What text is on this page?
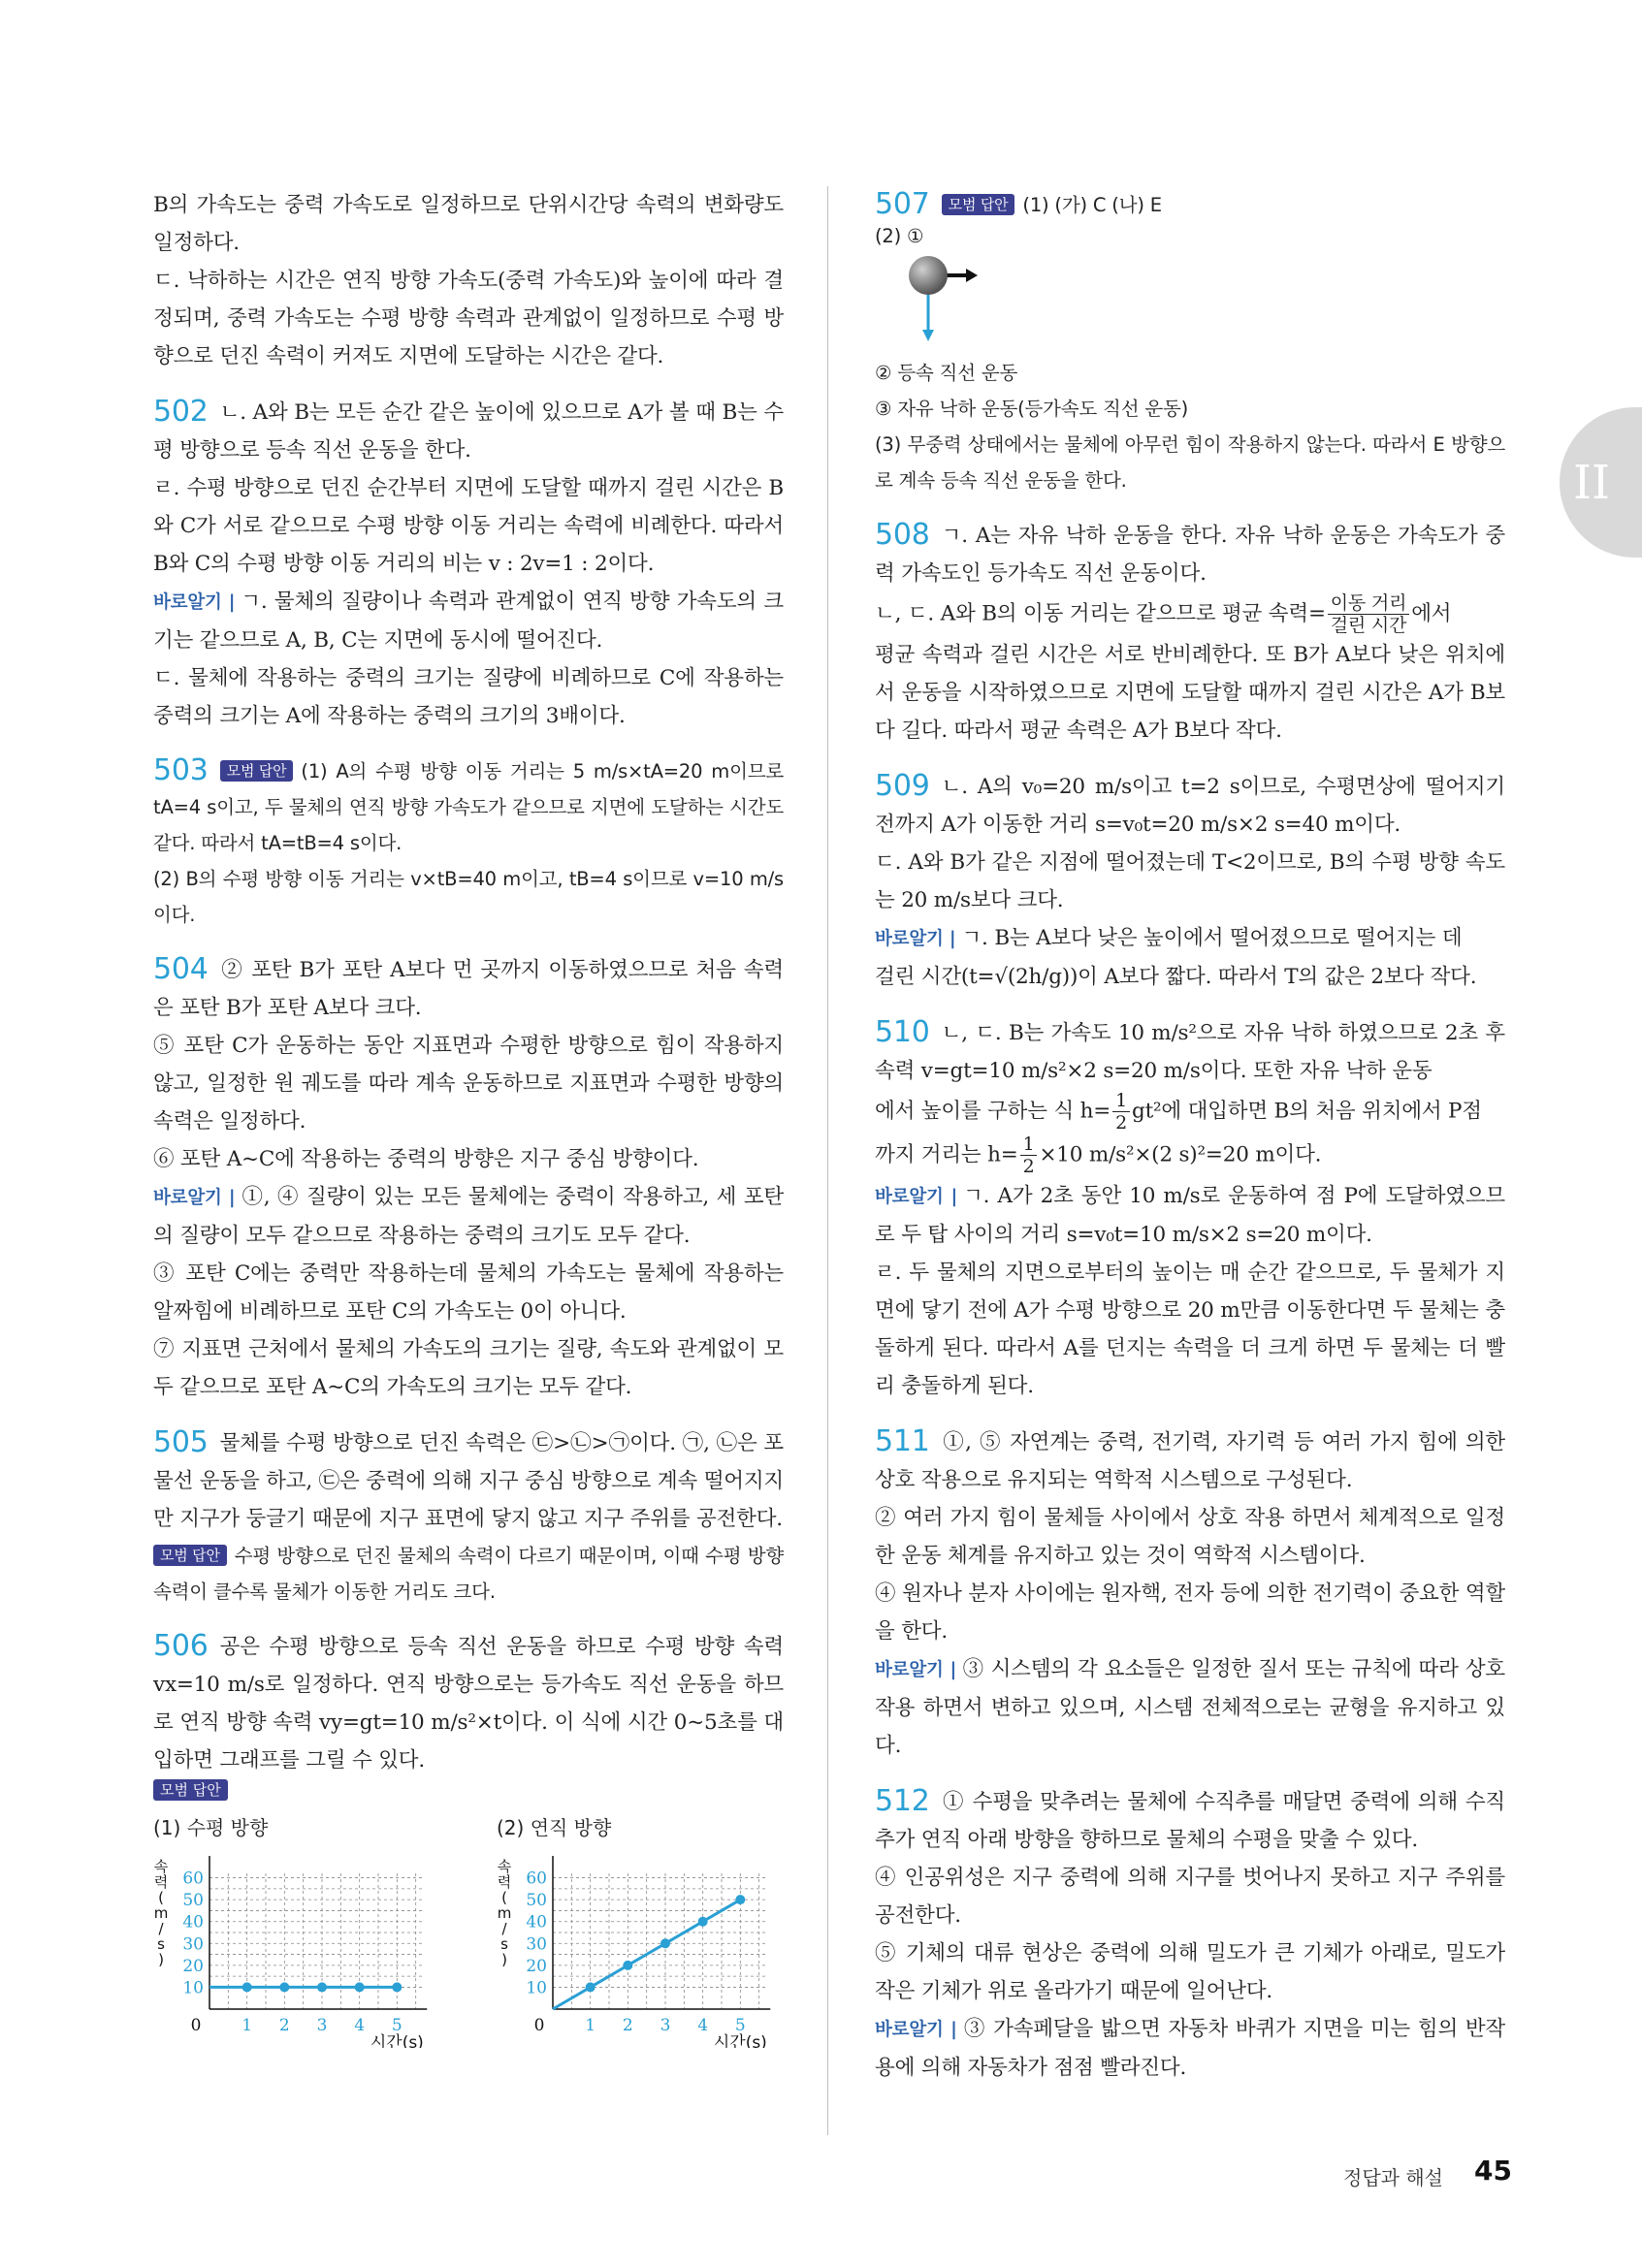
II

B의 가속도는 중력 가속도로 일정하므로 단위시간당 속력의 변화량도 일정하다.

ㄷ. 낙하하는 시간은 연직 방향 가속도(중력 가속도)와 높이에 따라 결정되며, 중력 가속도는 수평 방향 속력과 관계없이 일정하므로 수평 방향으로 던진 속력이 커져도 지면에 도달하는 시간은 같다.

502 ㄴ. A와 B는 모든 순간 같은 높이에 있으므로 A가 볼 때 B는 수평 방향으로 등속 직선 운동을 한다.

ㄹ. 수평 방향으로 던진 순간부터 지면에 도달할 때까지 걸린 시간은 B와 C가 서로 같으므로 수평 방향 이동 거리는 속력에 비례한다. 따라서 B와 C의 수평 방향 이동 거리의 비는 v : 2v=1 : 2이다.

바로알기 | ㄱ. 물체의 질량이나 속력과 관계없이 연직 방향 가속도의 크기는 같으므로 A, B, C는 지면에 동시에 떨어진다.

ㄷ. 물체에 작용하는 중력의 크기는 질량에 비례하므로 C에 작용하는 중력의 크기는 A에 작용하는 중력의 크기의 3배이다.

503 모범 답안 (1) A의 수평 방향 이동 거리는 5 m/s×tA=20 m이므로 tA=4 s이고, 두 물체의 연직 방향 가속도가 같으므로 지면에 도달하는 시간도 같다. 따라서 tA=tB=4 s이다.

(2) B의 수평 방향 이동 거리는 v×tB=40 m이고, tB=4 s이므로 v=10 m/s이다.

504 ② 포탄 B가 포탄 A보다 먼 곳까지 이동하였으므로 처음 속력은 포탄 B가 포탄 A보다 크다.

⑤ 포탄 C가 운동하는 동안 지표면과 수평한 방향으로 힘이 작용하지 않고, 일정한 원 궤도를 따라 계속 운동하므로 지표면과 수평한 방향의 속력은 일정하다.

⑥ 포탄 A~C에 작용하는 중력의 방향은 지구 중심 방향이다.

바로알기 | ①, ④ 질량이 있는 모든 물체에는 중력이 작용하고, 세 포탄의 질량이 모두 같으므로 작용하는 중력의 크기도 모두 같다.

③ 포탄 C에는 중력만 작용하는데 물체의 가속도는 물체에 작용하는 알짜힘에 비례하므로 포탄 C의 가속도는 0이 아니다.

⑦ 지표면 근처에서 물체의 가속도의 크기는 질량, 속도와 관계없이 모두 같으므로 포탄 A~C의 가속도의 크기는 모두 같다.

505 물체를 수평 방향으로 던진 속력은 ㉢>㉡>㉠이다. ㉠, ㉡은 포물선 운동을 하고, ㉢은 중력에 의해 지구 중심 방향으로 계속 떨어지지만 지구가 둥글기 때문에 지구 표면에 닿지 않고 지구 주위를 공전한다.

모범 답안 수평 방향으로 던진 물체의 속력이 다르기 때문이며, 이때 수평 방향 속력이 클수록 물체가 이동한 거리도 크다.

506 공은 수평 방향으로 등속 직선 운동을 하므로 수평 방향 속력 vx=10 m/s로 일정하다. 연직 방향으로는 등가속도 직선 운동을 하므로 연직 방향 속력 vy=gt=10 m/s²×t이다. 이 식에 시간 0~5초를 대입하면 그래프를 그릴 수 있다.

모범 답안
(1) 수평 방향
0 1 2 3 4 5
10
20
30
40
50
60
속
력
(
m
/
s
)
시간(s)
(2) 연직 방향
0 1 2 3 4 5
10
20
30
40
50
60
속
력
(
m
/
s
)
시간(s)

507 모범 답안 (1) (가) C (나) E

(2) ①

② 등속 직선 운동

③ 자유 낙하 운동(등가속도 직선 운동)

(3) 무중력 상태에서는 물체에 아무런 힘이 작용하지 않는다. 따라서 E 방향으로 계속 등속 직선 운동을 한다.

508 ㄱ. A는 자유 낙하 운동을 한다. 자유 낙하 운동은 가속도가 중력 가속도인 등가속도 직선 운동이다.

ㄴ, ㄷ. A와 B의 이동 거리는 같으므로 평균 속력= $\frac{\text{이동 거리}}{\text{걸린 시간}}$ 에서

평균 속력과 걸린 시간은 서로 반비례한다. 또 B가 A보다 낮은 위치에서 운동을 시작하였으므로 지면에 도달할 때까지 걸린 시간은 A가 B보다 길다. 따라서 평균 속력은 A가 B보다 작다.

509 ㄴ. A의 v₀=20 m/s이고 t=2 s이므로, 수평면상에 떨어지기 전까지 A가 이동한 거리 s=v₀t=20 m/s×2 s=40 m이다.

ㄷ. A와 B가 같은 지점에 떨어졌는데 T<2이므로, B의 수평 방향 속도는 20 m/s보다 크다.

바로알기 | ㄱ. B는 A보다 낮은 높이에서 떨어졌으므로 떨어지는 데

걸린 시간(t=√(2h/g))이 A보다 짧다. 따라서 T의 값은 2보다 작다.

510 ㄴ, ㄷ. B는 가속도 10 m/s²으로 자유 낙하 하였으므로 2초 후 속력 v=gt=10 m/s²×2 s=20 m/s이다. 또한 자유 낙하 운동

에서 높이를 구하는 식 $h= \frac{1}{2} gt^2$에 대입하면 B의 처음 위치에서 P점

까지 거리는 $h= \frac{1}{2} \times 10$ m/s²×(2 s)²=20 m이다.

바로알기 | ㄱ. A가 2초 동안 10 m/s로 운동하여 점 P에 도달하였으므로 두 탑 사이의 거리 s=v₀t=10 m/s×2 s=20 m이다.

ㄹ. 두 물체의 지면으로부터의 높이는 매 순간 같으므로, 두 물체가 지면에 닿기 전에 A가 수평 방향으로 20 m만큼 이동한다면 두 물체는 충돌하게 된다. 따라서 A를 던지는 속력을 더 크게 하면 두 물체는 더 빨리 충돌하게 된다.

511 ①, ⑤ 자연계는 중력, 전기력, 자기력 등 여러 가지 힘에 의한 상호 작용으로 유지되는 역학적 시스템으로 구성된다.

② 여러 가지 힘이 물체들 사이에서 상호 작용 하면서 체계적으로 일정한 운동 체계를 유지하고 있는 것이 역학적 시스템이다.

④ 원자나 분자 사이에는 원자핵, 전자 등에 의한 전기력이 중요한 역할을 한다.

바로알기 | ③ 시스템의 각 요소들은 일정한 질서 또는 규칙에 따라 상호 작용 하면서 변하고 있으며, 시스템 전체적으로는 균형을 유지하고 있다.

512 ① 수평을 맞추려는 물체에 수직추를 매달면 중력에 의해 수직추가 연직 아래 방향을 향하므로 물체의 수평을 맞출 수 있다.

④ 인공위성은 지구 중력에 의해 지구를 벗어나지 못하고 지구 주위를 공전한다.

⑤ 기체의 대류 현상은 중력에 의해 밀도가 큰 기체가 아래로, 밀도가 작은 기체가 위로 올라가기 때문에 일어난다.

바로알기 | ③ 가속페달을 밟으면 자동차 바퀴가 지면을 미는 힘의 반작용에 의해 자동차가 점점 빨라진다.

정답과 해설 45
